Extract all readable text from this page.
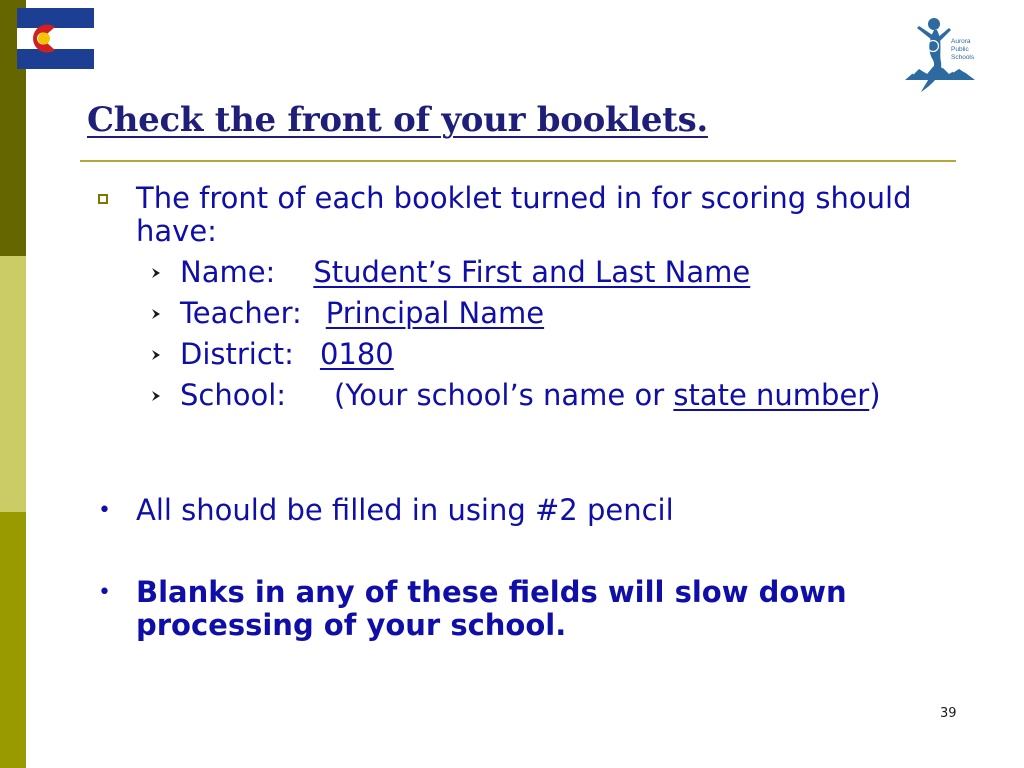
Aurora
Public
Schools
Check the front of your booklets.
The front of each booklet turned in for scoring should have:
Name: Student’s First and Last Name
Teacher: Principal Name
District: 0180
School: (Your school’s name or state number)
• All should be filled in using #2 pencil
• Blanks in any of these fields will slow down processing of your school.
39
